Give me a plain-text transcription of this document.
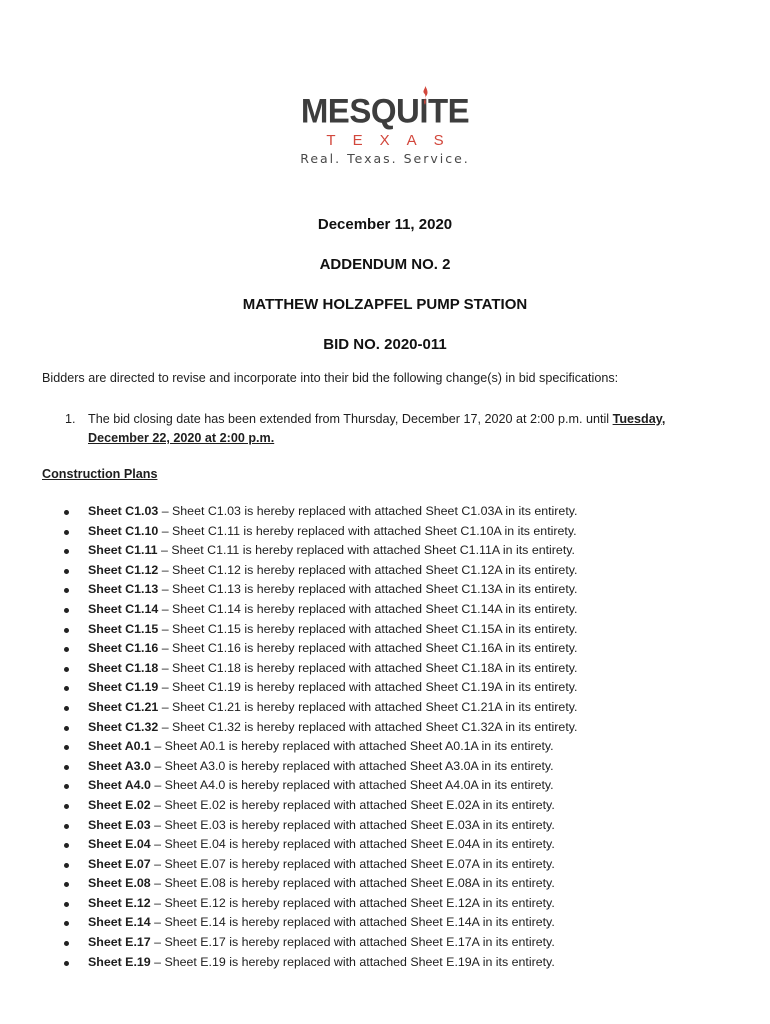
MESQUITE
TEXAS
Real. Texas. Service.
December 11, 2020
ADDENDUM NO. 2
MATTHEW HOLZAPFEL PUMP STATION
BID NO. 2020-011
Bidders are directed to revise and incorporate into their bid the following change(s) in bid specifications:
1. The bid closing date has been extended from Thursday, December 17, 2020 at 2:00 p.m. until Tuesday, December 22, 2020 at 2:00 p.m.
Construction Plans
Sheet C1.03 – Sheet C1.03 is hereby replaced with attached Sheet C1.03A in its entirety.
Sheet C1.10 – Sheet C1.11 is hereby replaced with attached Sheet C1.10A in its entirety.
Sheet C1.11 – Sheet C1.11 is hereby replaced with attached Sheet C1.11A in its entirety.
Sheet C1.12 – Sheet C1.12 is hereby replaced with attached Sheet C1.12A in its entirety.
Sheet C1.13 – Sheet C1.13 is hereby replaced with attached Sheet C1.13A in its entirety.
Sheet C1.14 – Sheet C1.14 is hereby replaced with attached Sheet C1.14A in its entirety.
Sheet C1.15 – Sheet C1.15 is hereby replaced with attached Sheet C1.15A in its entirety.
Sheet C1.16 – Sheet C1.16 is hereby replaced with attached Sheet C1.16A in its entirety.
Sheet C1.18 – Sheet C1.18 is hereby replaced with attached Sheet C1.18A in its entirety.
Sheet C1.19 – Sheet C1.19 is hereby replaced with attached Sheet C1.19A in its entirety.
Sheet C1.21 – Sheet C1.21 is hereby replaced with attached Sheet C1.21A in its entirety.
Sheet C1.32 – Sheet C1.32 is hereby replaced with attached Sheet C1.32A in its entirety.
Sheet A0.1 – Sheet A0.1 is hereby replaced with attached Sheet A0.1A in its entirety.
Sheet A3.0 – Sheet A3.0 is hereby replaced with attached Sheet A3.0A in its entirety.
Sheet A4.0 – Sheet A4.0 is hereby replaced with attached Sheet A4.0A in its entirety.
Sheet E.02 – Sheet E.02 is hereby replaced with attached Sheet E.02A in its entirety.
Sheet E.03 – Sheet E.03 is hereby replaced with attached Sheet E.03A in its entirety.
Sheet E.04 – Sheet E.04 is hereby replaced with attached Sheet E.04A in its entirety.
Sheet E.07 – Sheet E.07 is hereby replaced with attached Sheet E.07A in its entirety.
Sheet E.08 – Sheet E.08 is hereby replaced with attached Sheet E.08A in its entirety.
Sheet E.12 – Sheet E.12 is hereby replaced with attached Sheet E.12A in its entirety.
Sheet E.14 – Sheet E.14 is hereby replaced with attached Sheet E.14A in its entirety.
Sheet E.17 – Sheet E.17 is hereby replaced with attached Sheet E.17A in its entirety.
Sheet E.19 – Sheet E.19 is hereby replaced with attached Sheet E.19A in its entirety.
